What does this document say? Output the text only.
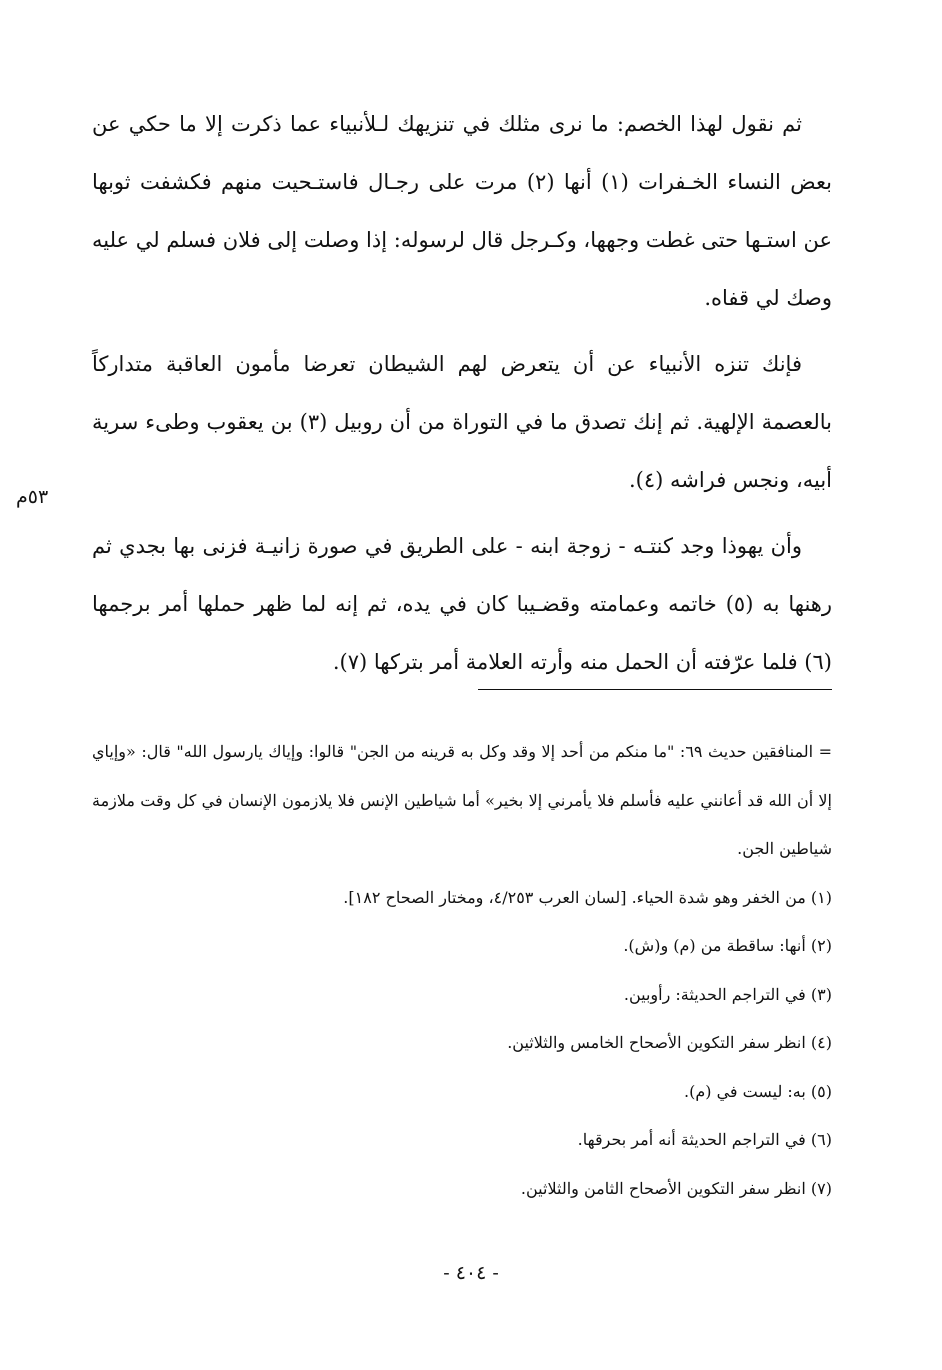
ثم نقول لهذا الخصم: ما نرى مثلك في تنزيهك لـلأنبياء عما ذكرت إلا ما حكي عن بعض النساء الخـفرات (١) أنها (٢) مرت على رجـال فاستـحيت منهم فكشفت ثوبها عن استـها حتى غطت وجهها، وكـرجل قال لرسوله: إذا وصلت إلى فلان فسلم لي عليه وصك لي قفاه.

فإنك تنزه الأنبياء عن أن يتعرض لهم الشيطان تعرضا مأمون العاقبة متداركاً بالعصمة الإلهية. ثم إنك تصدق ما في التوراة من أن روبيل (٣) بن يعقوب وطىء سرية أبيه، ونجس فراشه (٤).

وأن يهوذا وجد كنتـه - زوجة ابنه - على الطريق في صورة زانيـة فزنى بها بجدي ثم رهنها به (٥) خاتمه وعمامته وقضـيبا كان في يده، ثم إنه لما ظهر حملها أمر برجمها (٦) فلما عرّفته أن الحمل منه وأرته العلامة أمر بتركها (٧).

٥٣م

= المنافقين حديث ٦٩: "ما منكم من أحد إلا وقد وكل به قرينه من الجن" قالوا: وإياك يارسول الله" قال: «وإياي إلا أن الله قد أعانني عليه فأسلم فلا يأمرني إلا بخير» أما شياطين الإنس فلا يلازمون الإنسان في كل وقت ملازمة شياطين الجن.

(١) من الخفر وهو شدة الحياء. [لسان العرب ٤/٢٥٣، ومختار الصحاح ١٨٢].

(٢) أنها: ساقطة من (م) و(ش).

(٣) في التراجم الحديثة: رأوبين.

(٤) انظر سفر التكوين الأصحاح الخامس والثلاثين.

(٥) به: ليست في (م).

(٦) في التراجم الحديثة أنه أمر بحرقها.

(٧) انظر سفر التكوين الأصحاح الثامن والثلاثين.

- ٤٠٤ -
